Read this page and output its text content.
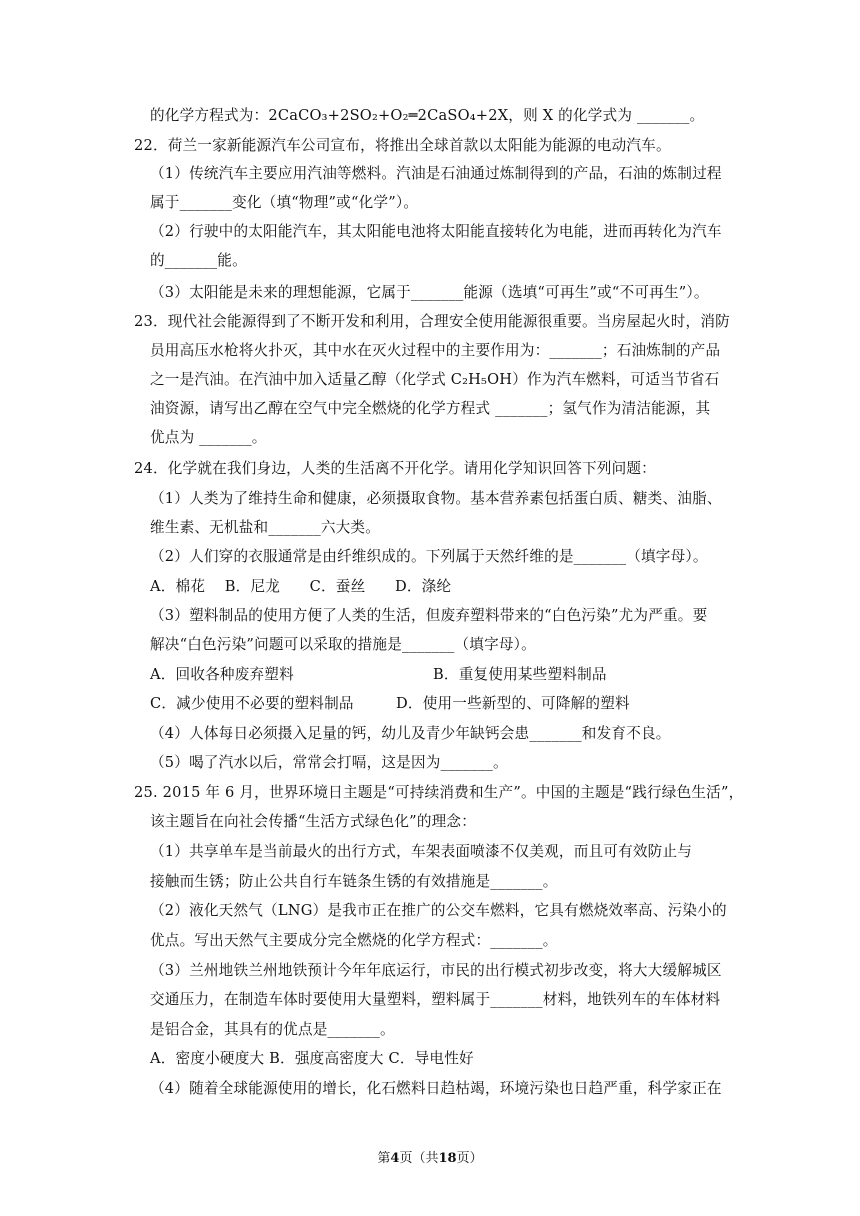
的化学方程式为：2CaCO₃+2SO₂+O₂═2CaSO₄+2X，则 X 的化学式为 _______。
22．荷兰一家新能源汽车公司宣布，将推出全球首款以太阳能为能源的电动汽车。
（1）传统汽车主要应用汽油等燃料。汽油是石油通过炼制得到的产品，石油的炼制过程
属于_______变化（填“物理”或“化学”）。
（2）行驶中的太阳能汽车，其太阳能电池将太阳能直接转化为电能，进而再转化为汽车
的_______能。
（3）太阳能是未来的理想能源，它属于_______能源（选填“可再生”或“不可再生”）。
23．现代社会能源得到了不断开发和利用，合理安全使用能源很重要。当房屋起火时，消防
员用高压水枪将火扑灭，其中水在灭火过程中的主要作用为：_______；石油炼制的产品
之一是汽油。在汽油中加入适量乙醇（化学式 C₂H₅OH）作为汽车燃料，可适当节省石
油资源，请写出乙醇在空气中完全燃烧的化学方程式 _______；氢气作为清洁能源，其
优点为 _______。
24．化学就在我们身边，人类的生活离不开化学。请用化学知识回答下列问题：
（1）人类为了维持生命和健康，必须摄取食物。基本营养素包括蛋白质、糖类、油脂、
维生素、无机盐和_______六大类。
（2）人们穿的衣服通常是由纤维织成的。下列属于天然纤维的是_______（填字母）。
A．棉花　 B．尼龙　　C．蚕丝　　D．涤纶
（3）塑料制品的使用方便了人类的生活，但废弃塑料带来的“白色污染”尤为严重。要
解决“白色污染”问题可以采取的措施是_______（填字母）。
A．回收各种废弃塑料	B．重复使用某些塑料制品
C．减少使用不必要的塑料制品	D．使用一些新型的、可降解的塑料
（4）人体每日必须摄入足量的钙，幼儿及青少年缺钙会患_______和发育不良。
（5）喝了汽水以后，常常会打嗝，这是因为_______。
25. 2015 年 6 月，世界环境日主题是“可持续消费和生产”。中国的主题是“践行绿色生活”，
该主题旨在向社会传播“生活方式绿色化”的理念：
（1）共享单车是当前最火的出行方式，车架表面喷漆不仅美观，而且可有效防止与
接触而生锈；防止公共自行车链条生锈的有效措施是_______。
（2）液化天然气（LNG）是我市正在推广的公交车燃料，它具有燃烧效率高、污染小的
优点。写出天然气主要成分完全燃烧的化学方程式：_______。
（3）兰州地铁兰州地铁预计今年年底运行，市民的出行模式初步改变，将大大缓解城区
交通压力，在制造车体时要使用大量塑料，塑料属于_______材料，地铁列车的车体材料
是铝合金，其具有的优点是_______。
A．密度小硬度大 B．强度高密度大 C．导电性好
（4）随着全球能源使用的增长，化石燃料日趋枯竭，环境污染也日趋严重，科学家正在
第4页（共18页）
